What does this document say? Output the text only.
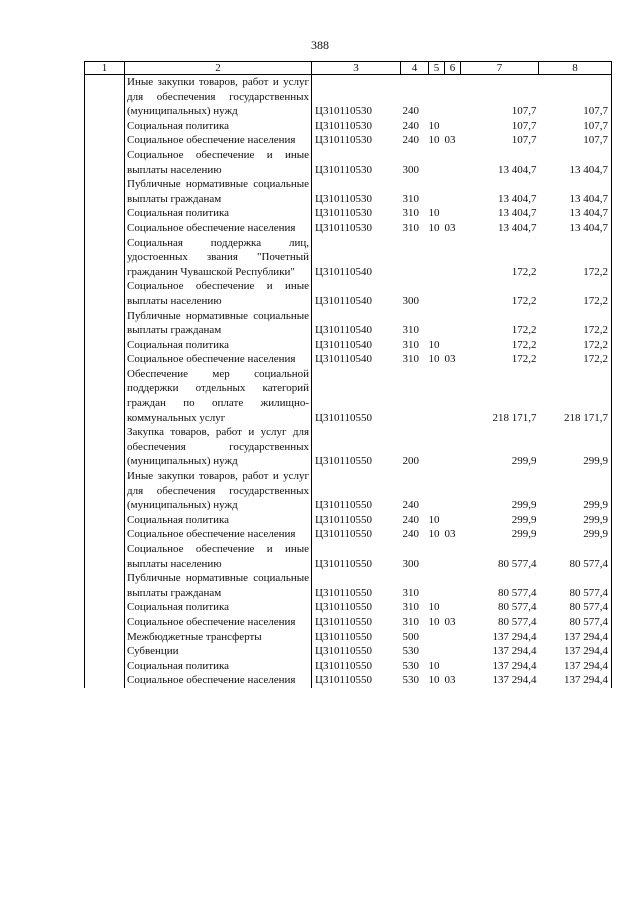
388
1	2	3	4	5	6	7	8

	Иные закупки товаров, работ и услуг для обеспечения государственных (муниципальных) нужд	Ц310110530	240			107,7	107,7

	Социальная политика	Ц310110530	240	10		107,7	107,7

	Социальное обеспечение населения	Ц310110530	240	10	03	107,7	107,7

	Социальное обеспечение и иные выплаты населению	Ц310110530	300			13 404,7	13 404,7

	Публичные нормативные социальные выплаты гражданам	Ц310110530	310			13 404,7	13 404,7

	Социальная политика	Ц310110530	310	10		13 404,7	13 404,7

	Социальное обеспечение населения	Ц310110530	310	10	03	13 404,7	13 404,7

	Социальная поддержка лиц, удостоенных звания "Почетный гражданин Чувашской Республики"	Ц310110540				172,2	172,2

	Социальное обеспечение и иные выплаты населению	Ц310110540	300			172,2	172,2

	Публичные нормативные социальные выплаты гражданам	Ц310110540	310			172,2	172,2

	Социальная политика	Ц310110540	310	10		172,2	172,2

	Социальное обеспечение населения	Ц310110540	310	10	03	172,2	172,2

	Обеспечение мер социальной поддержки отдельных категорий граждан по оплате жилищно-коммунальных услуг	Ц310110550				218 171,7	218 171,7

	Закупка товаров, работ и услуг для обеспечения государственных (муниципальных) нужд	Ц310110550	200			299,9	299,9

	Иные закупки товаров, работ и услуг для обеспечения государственных (муниципальных) нужд	Ц310110550	240			299,9	299,9

	Социальная политика	Ц310110550	240	10		299,9	299,9

	Социальное обеспечение населения	Ц310110550	240	10	03	299,9	299,9

	Социальное обеспечение и иные выплаты населению	Ц310110550	300			80 577,4	80 577,4

	Публичные нормативные социальные выплаты гражданам	Ц310110550	310			80 577,4	80 577,4

	Социальная политика	Ц310110550	310	10		80 577,4	80 577,4

	Социальное обеспечение населения	Ц310110550	310	10	03	80 577,4	80 577,4

	Межбюджетные трансферты	Ц310110550	500			137 294,4	137 294,4

	Субвенции	Ц310110550	530			137 294,4	137 294,4

	Социальная политика	Ц310110550	530	10		137 294,4	137 294,4

	Социальное обеспечение населения	Ц310110550	530	10	03	137 294,4	137 294,4
